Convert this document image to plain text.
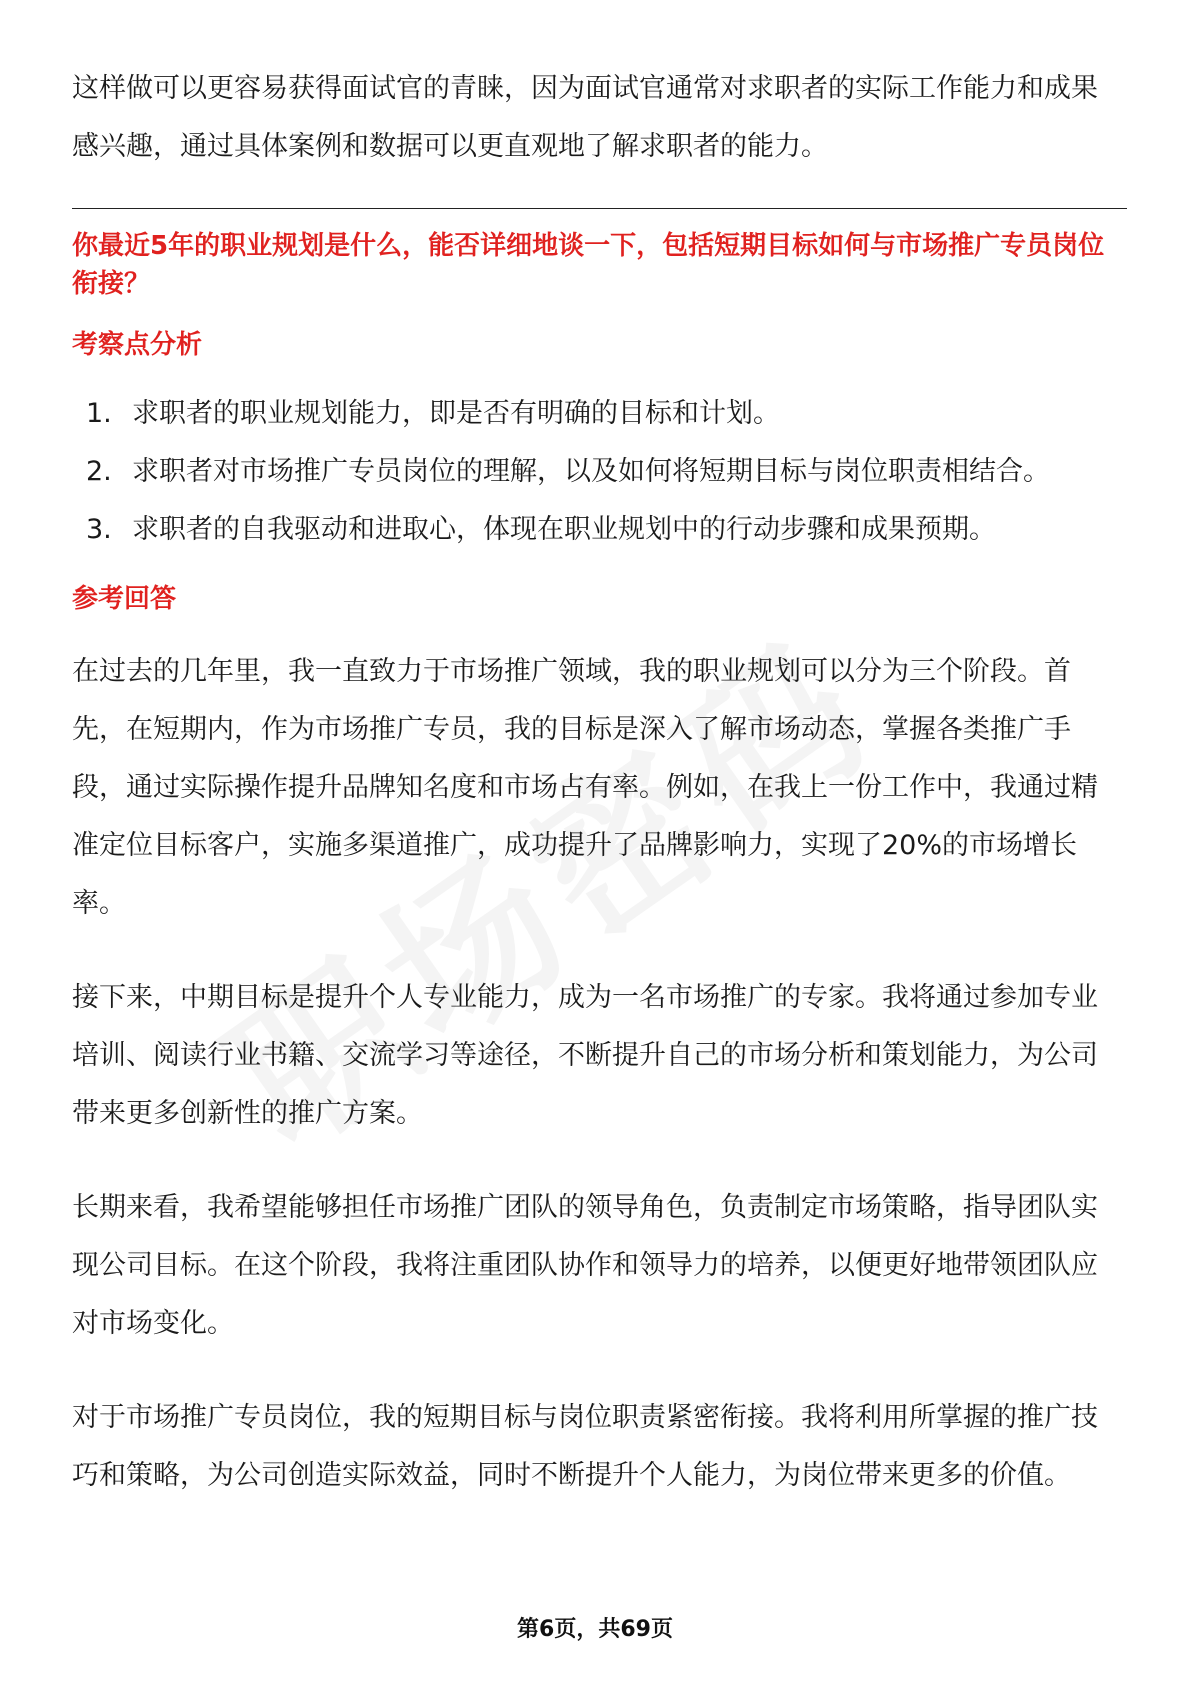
这样做可以更容易获得面试官的青睐，因为面试官通常对求职者的实际工作能力和成果感兴趣，通过具体案例和数据可以更直观地了解求职者的能力。

你最近5年的职业规划是什么，能否详细地谈一下，包括短期目标如何与市场推广专员岗位衔接？
考察点分析
1. 求职者的职业规划能力，即是否有明确的目标和计划。
2. 求职者对市场推广专员岗位的理解，以及如何将短期目标与岗位职责相结合。
3. 求职者的自我驱动和进取心，体现在职业规划中的行动步骤和成果预期。
参考回答

在过去的几年里，我一直致力于市场推广领域，我的职业规划可以分为三个阶段。首先，在短期内，作为市场推广专员，我的目标是深入了解市场动态，掌握各类推广手段，通过实际操作提升品牌知名度和市场占有率。例如，在我上一份工作中，我通过精准定位目标客户，实施多渠道推广，成功提升了品牌影响力，实现了20%的市场增长率。

接下来，中期目标是提升个人专业能力，成为一名市场推广的专家。我将通过参加专业培训、阅读行业书籍、交流学习等途径，不断提升自己的市场分析和策划能力，为公司带来更多创新性的推广方案。

长期来看，我希望能够担任市场推广团队的领导角色，负责制定市场策略，指导团队实现公司目标。在这个阶段，我将注重团队协作和领导力的培养，以便更好地带领团队应对市场变化。

对于市场推广专员岗位，我的短期目标与岗位职责紧密衔接。我将利用所掌握的推广技巧和策略，为公司创造实际效益，同时不断提升个人能力，为岗位带来更多的价值。

第6页，共69页
